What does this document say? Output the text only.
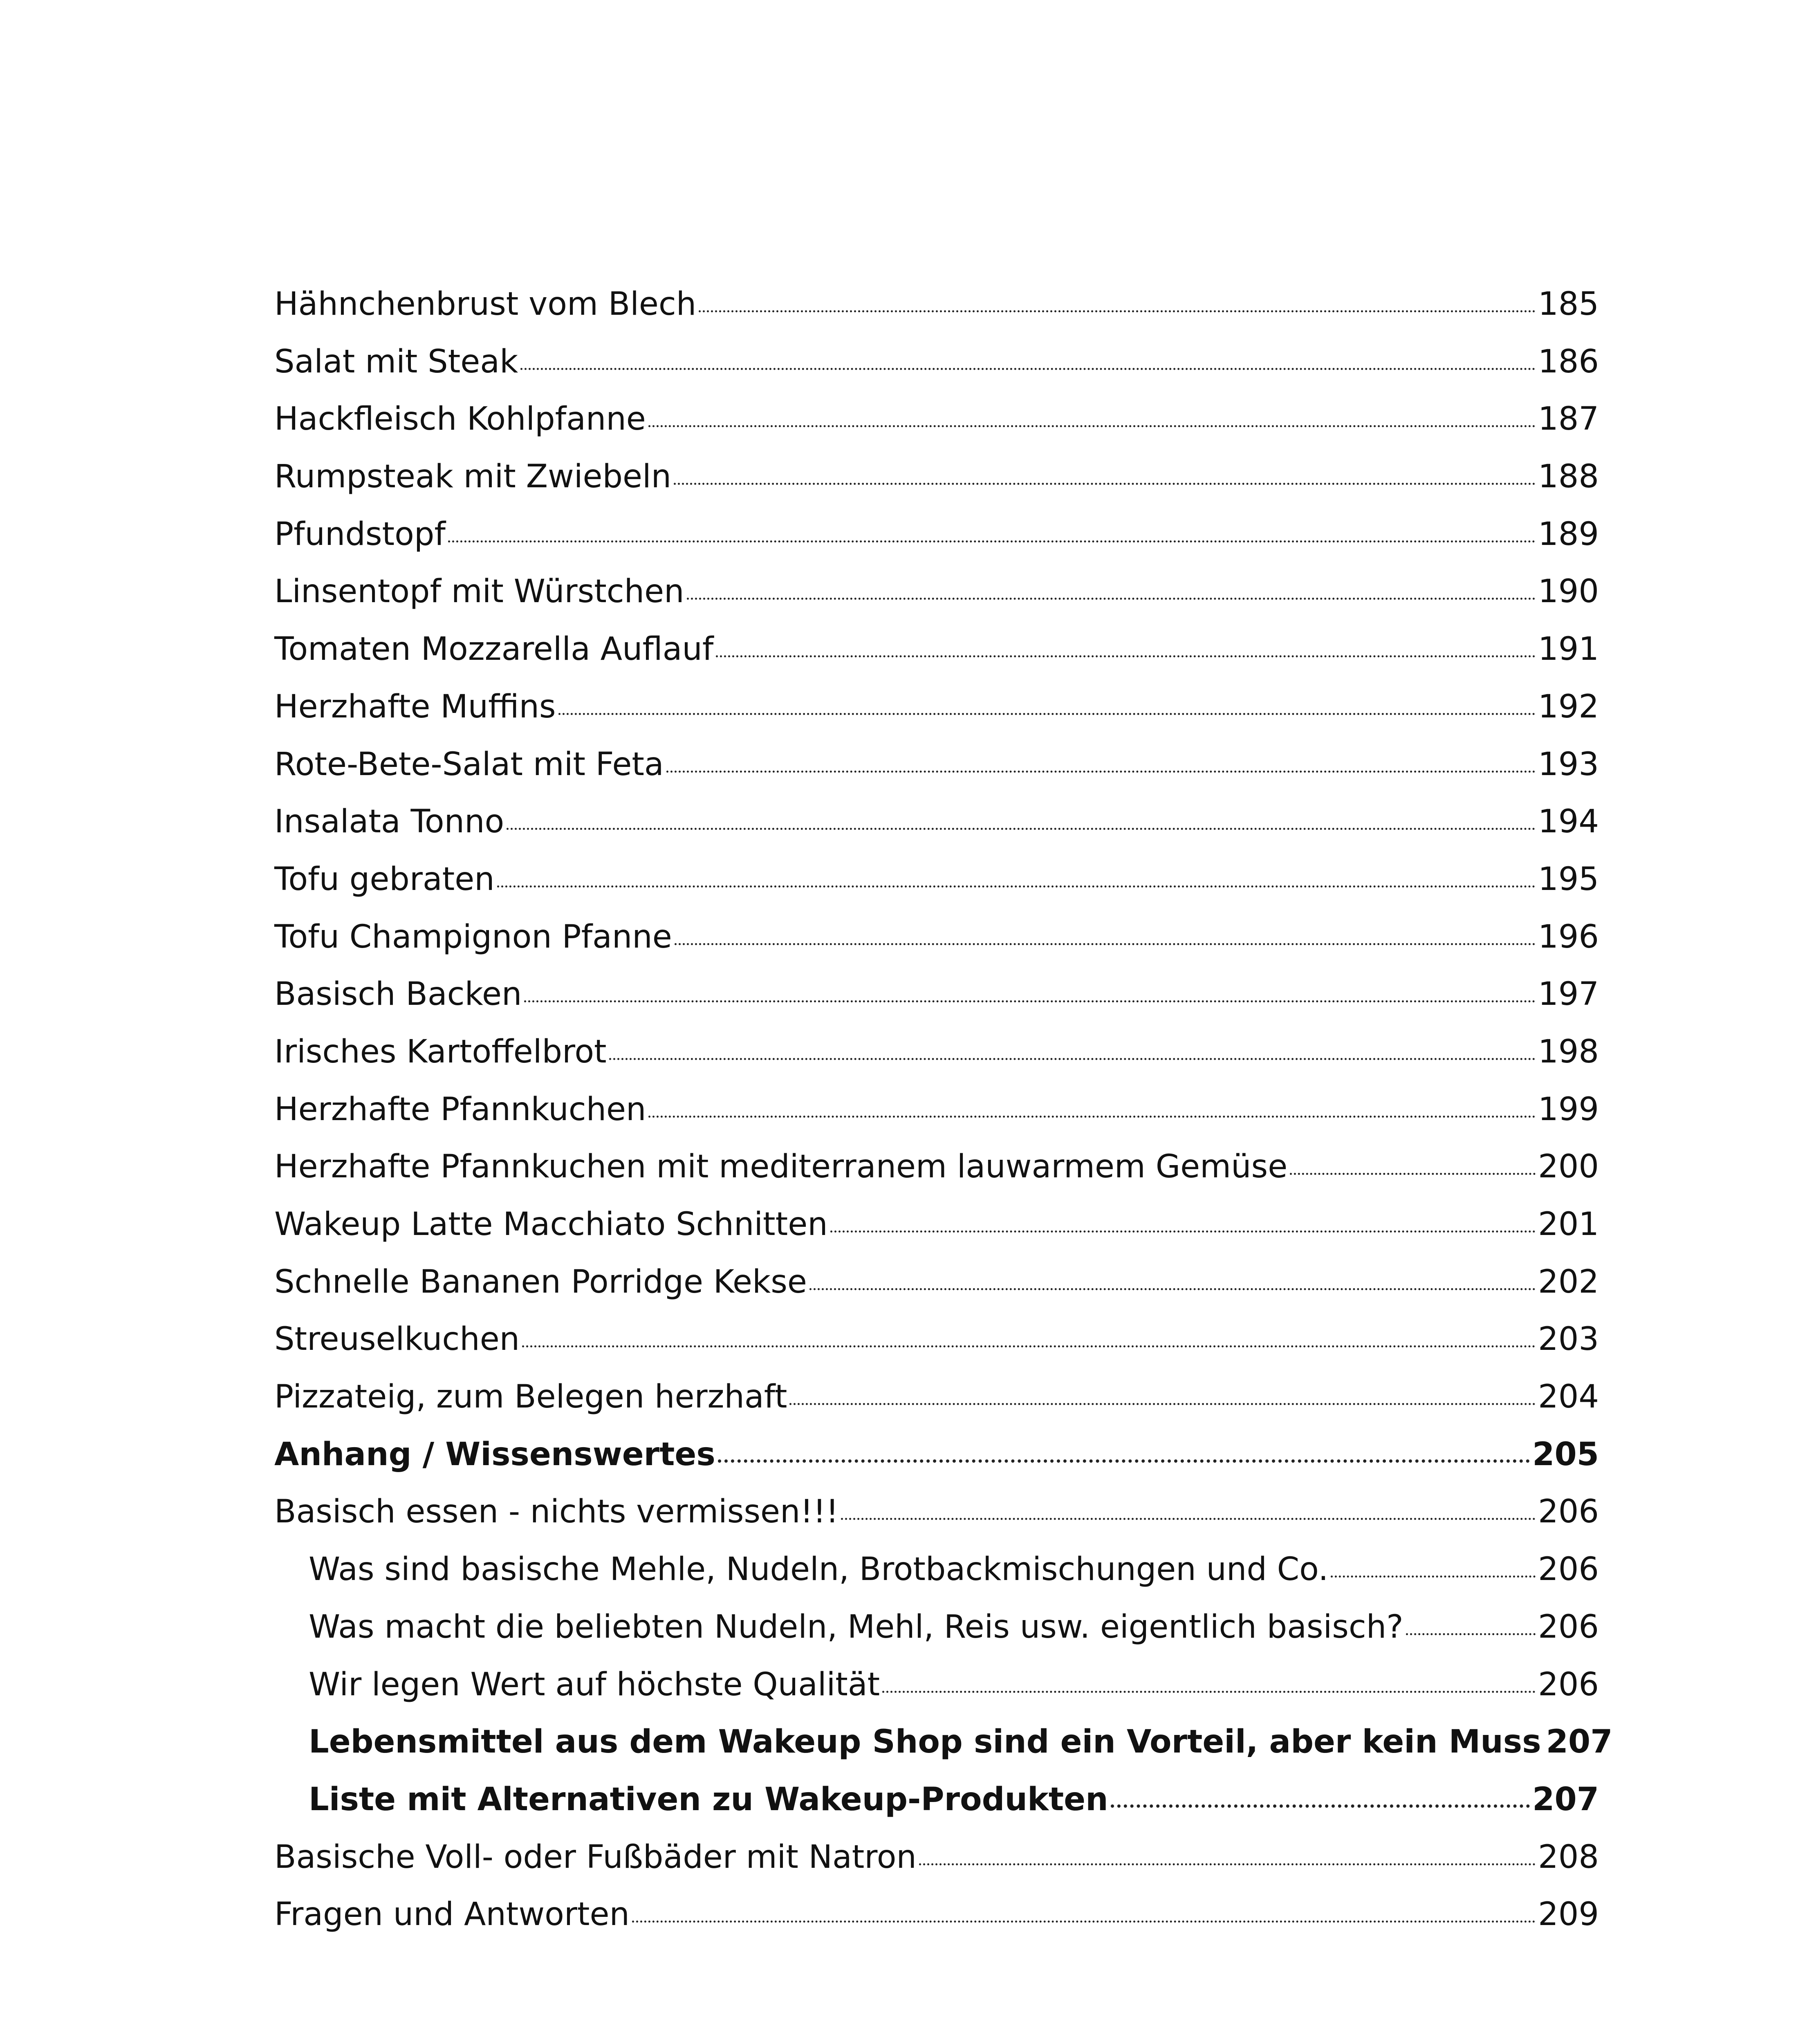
Hähnchenbrust vom Blech	185
Salat mit Steak	186
Hackfleisch Kohlpfanne	187
Rumpsteak mit Zwiebeln	188
Pfundstopf	189
Linsentopf mit Würstchen	190
Tomaten Mozzarella Auflauf	191
Herzhafte Muffins	192
Rote-Bete-Salat mit Feta	193
Insalata Tonno	194
Tofu gebraten	195
Tofu Champignon Pfanne	196
Basisch Backen	197
Irisches Kartoffelbrot	198
Herzhafte Pfannkuchen	199
Herzhafte Pfannkuchen mit mediterranem lauwarmem Gemüse	200
Wakeup Latte Macchiato Schnitten	201
Schnelle Bananen Porridge Kekse	202
Streuselkuchen	203
Pizzateig, zum Belegen herzhaft	204
Anhang / Wissenswertes	205
Basisch essen - nichts vermissen!!!	206
Was sind basische Mehle, Nudeln, Brotbackmischungen und Co.	206
Was macht die beliebten Nudeln, Mehl, Reis usw. eigentlich basisch?	206
Wir legen Wert auf höchste Qualität	206
Lebensmittel aus dem Wakeup Shop sind ein Vorteil, aber kein Muss 207
Liste mit Alternativen zu Wakeup-Produkten	207
Basische Voll- oder Fußbäder mit Natron	208
Fragen und Antworten	209
